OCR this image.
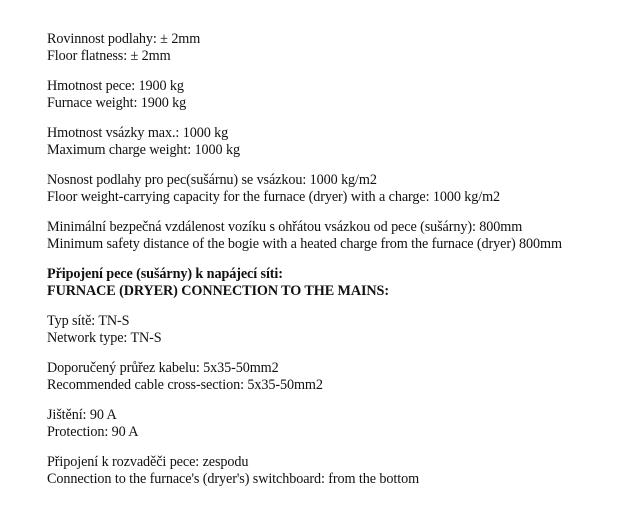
Rovinnost podlahy: ± 2mm
Floor flatness: ± 2mm
Hmotnost pece: 1900 kg
Furnace weight: 1900 kg
Hmotnost vsázky max.: 1000 kg
Maximum charge weight: 1000 kg
Nosnost podlahy pro pec(sušárnu) se vsázkou: 1000 kg/m2
Floor weight-carrying capacity for the furnace (dryer) with a charge: 1000 kg/m2
Minimální bezpečná vzdálenost vozíku s ohřátou vsázkou od pece (sušárny): 800mm
Minimum safety distance of the bogie with a heated charge from the furnace (dryer) 800mm
Připojení pece (sušárny) k napájecí síti:
FURNACE (DRYER) CONNECTION TO THE MAINS:
Typ sítě: TN-S
Network type: TN-S
Doporučený průřez kabelu: 5x35-50mm2
Recommended cable cross-section: 5x35-50mm2
Jištění: 90 A
Protection: 90 A
Připojení k rozvaděči pece: zespodu
Connection to the furnace's (dryer's) switchboard: from the bottom
